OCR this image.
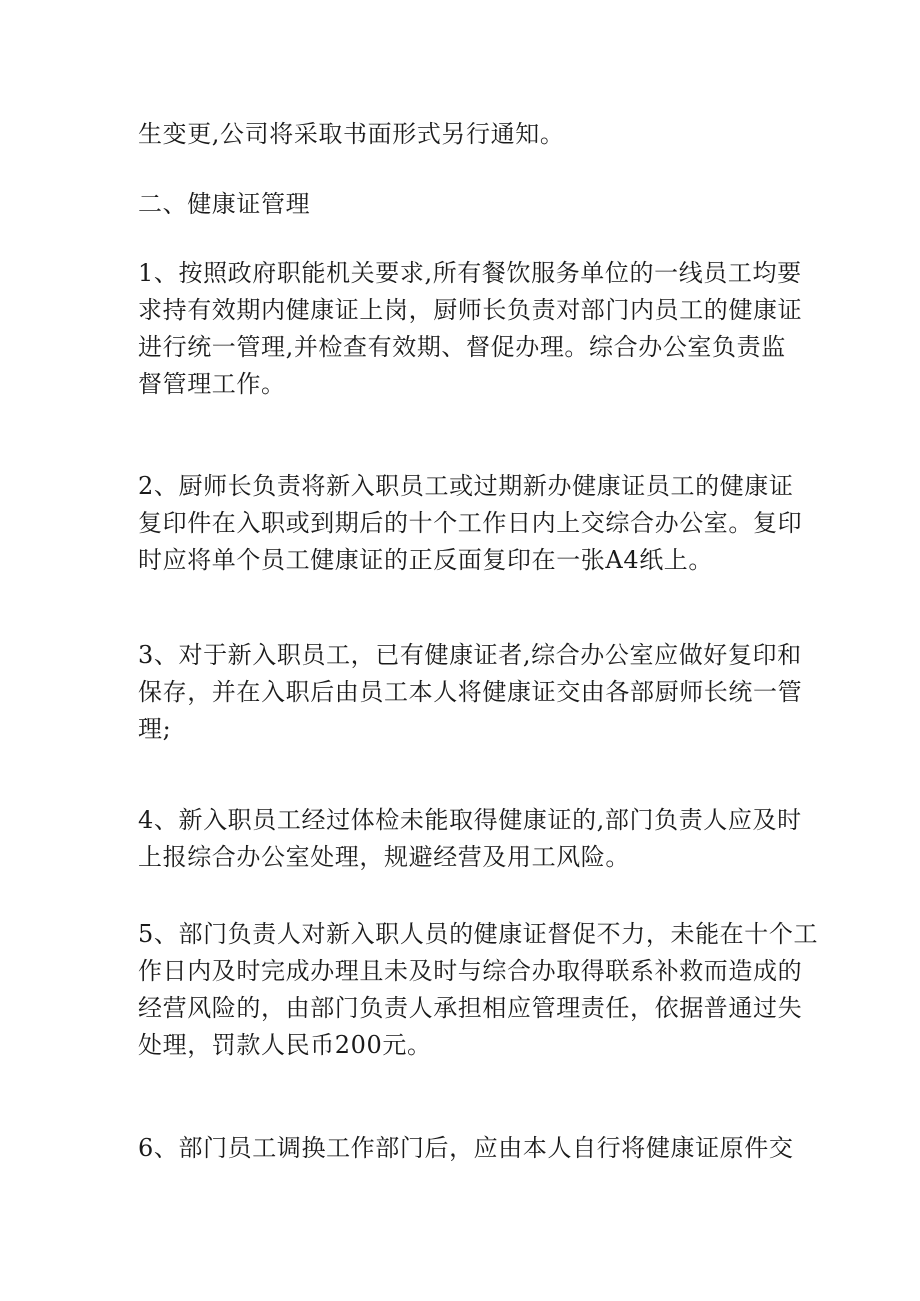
生变更,公司将采取书面形式另行通知。

二、健康证管理

1、按照政府职能机关要求,所有餐饮服务单位的一线员工均要
求持有效期内健康证上岗，厨师长负责对部门内员工的健康证
进行统一管理,并检查有效期、督促办理。综合办公室负责监
督管理工作。

2、厨师长负责将新入职员工或过期新办健康证员工的健康证
复印件在入职或到期后的十个工作日内上交综合办公室。复印
时应将单个员工健康证的正反面复印在一张A4纸上。

3、对于新入职员工，已有健康证者,综合办公室应做好复印和
保存，并在入职后由员工本人将健康证交由各部厨师长统一管
理;

4、新入职员工经过体检未能取得健康证的,部门负责人应及时
上报综合办公室处理，规避经营及用工风险。

5、部门负责人对新入职人员的健康证督促不力，未能在十个工
作日内及时完成办理且未及时与综合办取得联系补救而造成的
经营风险的，由部门负责人承担相应管理责任，依据普通过失
处理，罚款人民币200元。

6、部门员工调换工作部门后，应由本人自行将健康证原件交
